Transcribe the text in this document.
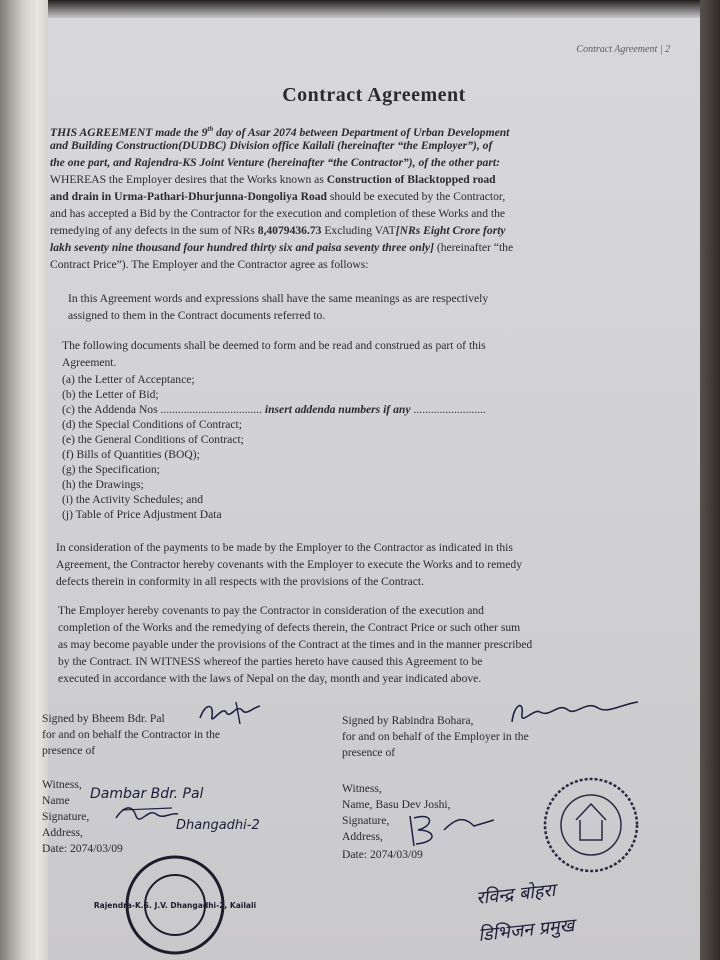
Contract Agreement | 2
Contract Agreement
THIS AGREEMENT made the 9th day of Asar 2074 between Department of Urban Development
and Building Construction(DUDBC) Division office Kailali (hereinafter “the Employer”), of
the one part, and Rajendra-KS Joint Venture (hereinafter “the Contractor”), of the other part:
WHEREAS the Employer desires that the Works known as Construction of Blacktopped road
and drain in Urma-Pathari-Dhurjunna-Dongoliya Road should be executed by the Contractor,
and has accepted a Bid by the Contractor for the execution and completion of these Works and the
remedying of any defects in the sum of NRs 8,4079436.73 Excluding VAT[NRs Eight Crore forty
lakh seventy nine thousand four hundred thirty six and paisa seventy three only] (hereinafter “the
Contract Price”). The Employer and the Contractor agree as follows:
In this Agreement words and expressions shall have the same meanings as are respectively
assigned to them in the Contract documents referred to.
The following documents shall be deemed to form and be read and construed as part of this
Agreement.
(a) the Letter of Acceptance;
(b) the Letter of Bid;
(c) the Addenda Nos ................................... insert addenda numbers if any .........................
(d) the Special Conditions of Contract;
(e) the General Conditions of Contract;
(f) Bills of Quantities (BOQ);
(g) the Specification;
(h) the Drawings;
(i) the Activity Schedules; and
(j) Table of Price Adjustment Data
In consideration of the payments to be made by the Employer to the Contractor as indicated in this
Agreement, the Contractor hereby covenants with the Employer to execute the Works and to remedy
defects therein in conformity in all respects with the provisions of the Contract.
The Employer hereby covenants to pay the Contractor in consideration of the execution and
completion of the Works and the remedying of defects therein, the Contract Price or such other sum
as may become payable under the provisions of the Contract at the times and in the manner prescribed
by the Contract. IN WITNESS whereof the parties hereto have caused this Agreement to be
executed in accordance with the laws of Nepal on the day, month and year indicated above.
Signed by Bheem Bdr. Pal
for and on behalf the Contractor in the
presence of
Witness,
Name
Signature,
Address,
Date: 2074/03/09
Signed by Rabindra Bohara,
for and on behalf of the Employer in the
presence of
Witness,
Name, Basu Dev Joshi,
Signature,
Address,
Date: 2074/03/09
Dambar Bdr. Pal
Dhangadhi-2
Rajendra-K.S. J.V. Dhangadhi-2, Kailali	रविन्द्र बोहरा
डिभिजन प्रमुख
